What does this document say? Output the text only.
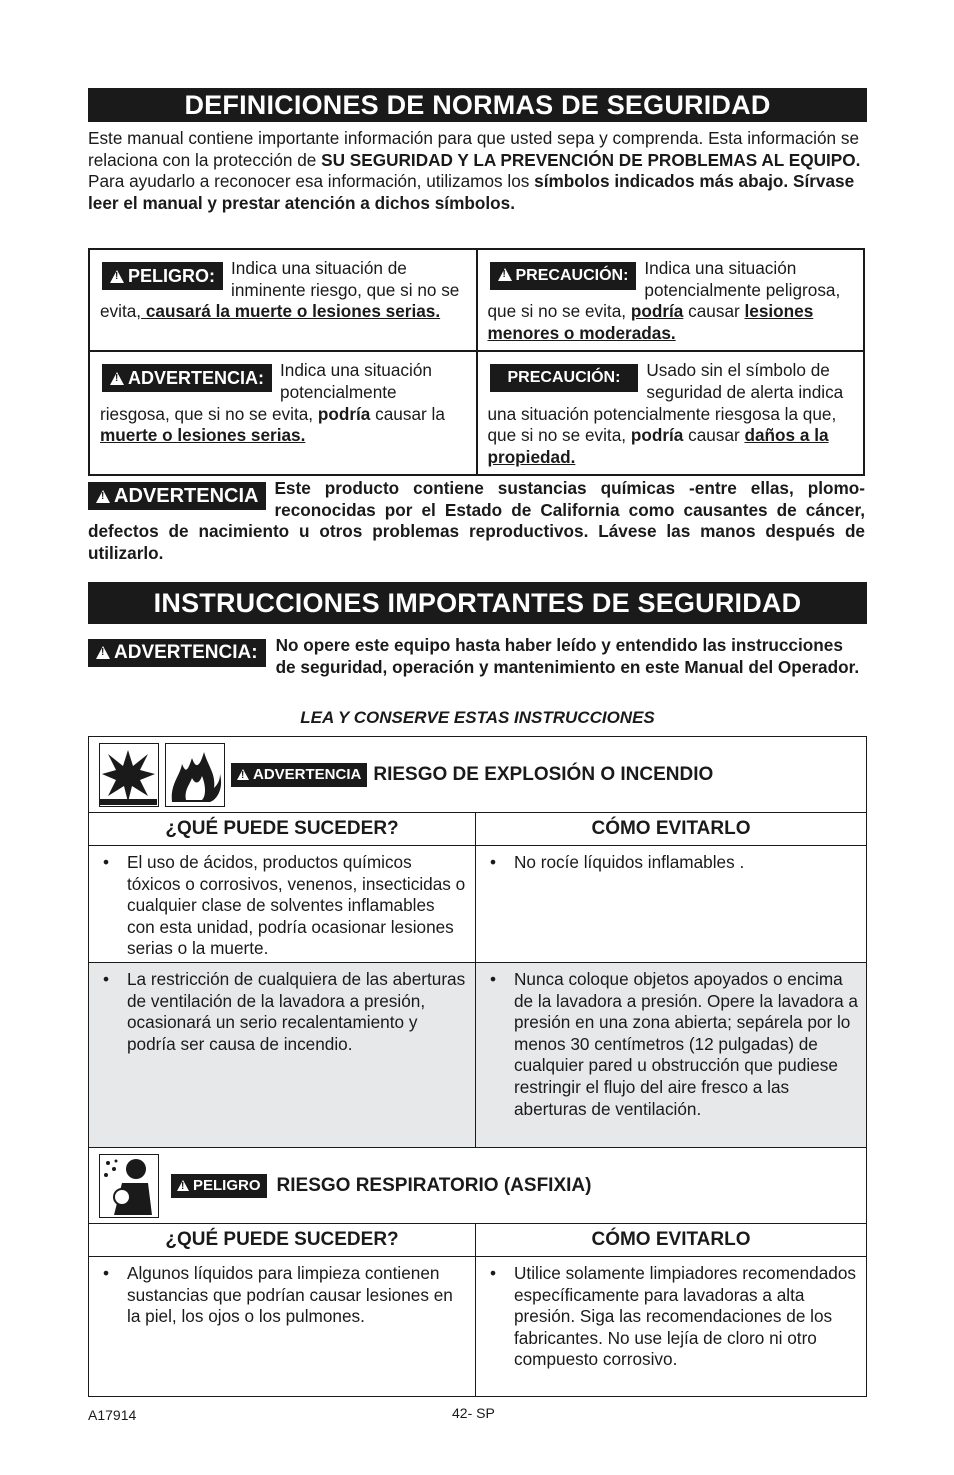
DEFINICIONES DE NORMAS DE SEGURIDAD
Este manual contiene importante información para que usted sepa y comprenda. Esta información se relaciona con la protección de SU SEGURIDAD Y LA PREVENCIÓN DE PROBLEMAS AL EQUIPO. Para ayudarlo a reconocer esa información, utilizamos los símbolos indicados más abajo. Sírvase leer el manual y prestar atención a dichos símbolos.
!PELIGRO: Indica una situación de inminente riesgo, que si no se evita, causará la muerte o lesiones serias.	
!PRECAUCIÓN: Indica una situación potencialmente peligrosa, que si no se evita, podría causar lesiones menores o moderadas.

!ADVERTENCIA: Indica una situación potencialmente riesgosa, que si no se evita, podría causar la muerte o lesiones serias.	PRECAUCIÓN: Usado sin el símbolo de seguridad de alerta indica una situación potencialmente riesgosa la que, que si no se evita, podría causar daños a la propiedad.
!ADVERTENCIA Este producto contiene sustancias químicas -entre ellas, plomo- reconocidas por el Estado de California como causantes de cáncer, defectos de nacimiento u otros problemas reproductivos. Lávese las manos después de utilizarlo.
INSTRUCCIONES IMPORTANTES DE SEGURIDAD
!ADVERTENCIA:	No opere este equipo hasta haber leído y entendido las instrucciones de seguridad, operación y mantenimiento en este Manual del Operador.
LEA Y CONSERVE ESTAS INSTRUCCIONES
!ADVERTENCIA RIESGO DE EXPLOSIÓN O INCENDIO
¿QUÉ PUEDE SUCEDER?	CÓMO EVITARLO
•	El uso de ácidos, productos químicos tóxicos o corrosivos, venenos, insecticidas o cualquier clase de solventes inflamables con esta unidad, podría ocasionar lesiones serias o la muerte.
•	No rocíe líquidos inflamables .
•	La restricción de cualquiera de las aberturas de ventilación de la lavadora a presión, ocasionará un serio recalentamiento y podría ser causa de incendio.
•	Nunca coloque objetos apoyados o encima de la lavadora a presión. Opere la lavadora a presión en una zona abierta; sepárela por lo menos 30 centímetros (12 pulgadas) de cualquier pared u obstrucción que pudiese restringir el flujo del aire fresco a las aberturas de ventilación.
!PELIGRO RIESGO RESPIRATORIO (ASFIXIA)
¿QUÉ PUEDE SUCEDER?	CÓMO EVITARLO
•	Algunos líquidos para limpieza contienen sustancias que podrían causar lesiones en la piel, los ojos o los pulmones.
•	Utilice solamente limpiadores recomendados específicamente para lavadoras a alta presión. Siga las recomendaciones de los fabricantes. No use lejía de cloro ni otro compuesto corrosivo.
A17914	42- SP
